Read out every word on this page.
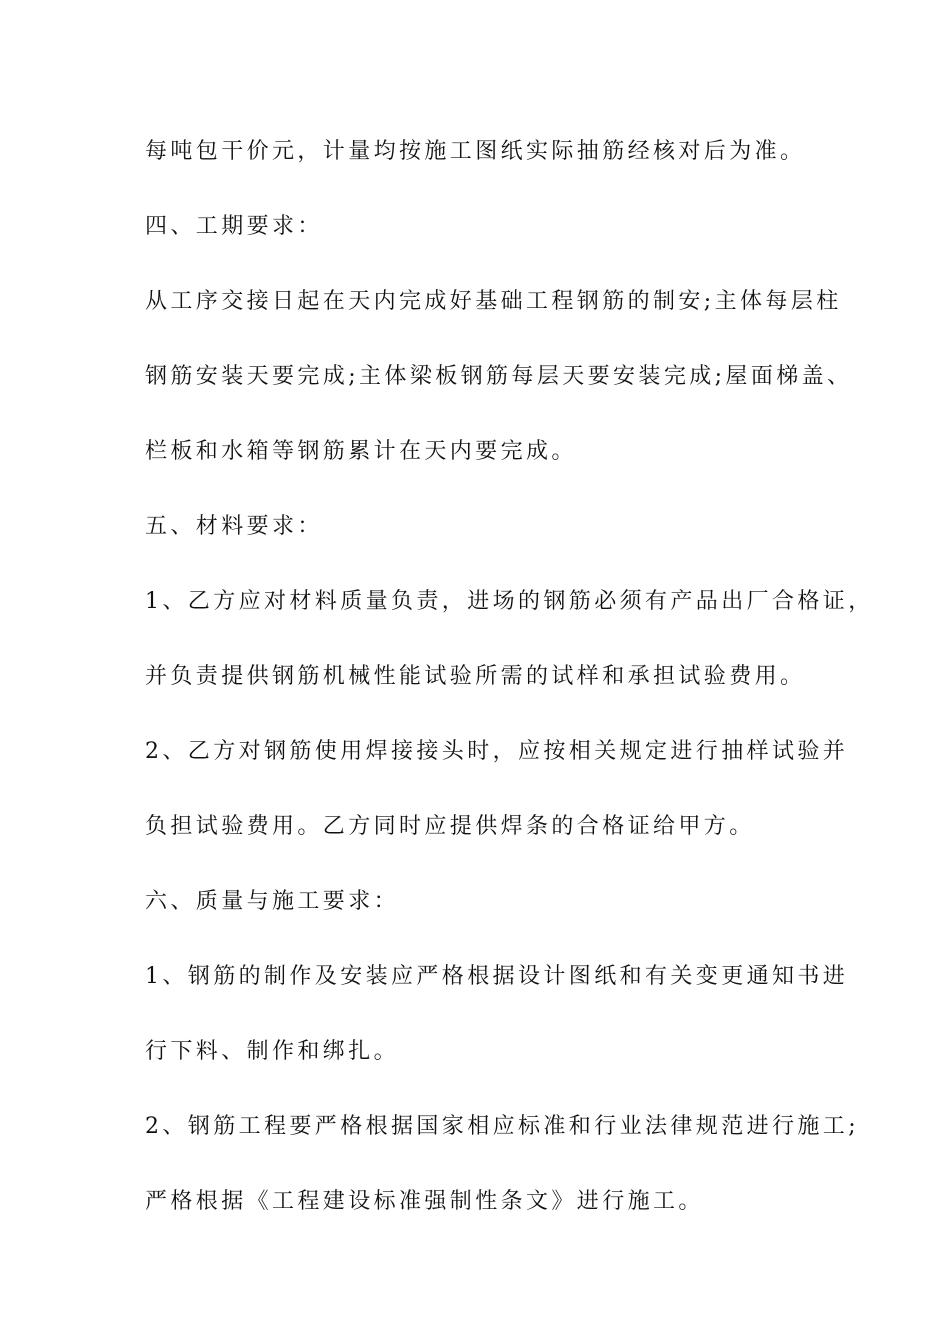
每吨包干价元，计量均按施工图纸实际抽筋经核对后为准。
四、工期要求：
从工序交接日起在天内完成好基础工程钢筋的制安;主体每层柱
钢筋安装天要完成;主体梁板钢筋每层天要安装完成;屋面梯盖、
栏板和水箱等钢筋累计在天内要完成。
五、材料要求：
1、乙方应对材料质量负责，进场的钢筋必须有产品出厂合格证，
并负责提供钢筋机械性能试验所需的试样和承担试验费用。
2、乙方对钢筋使用焊接接头时，应按相关规定进行抽样试验并
负担试验费用。乙方同时应提供焊条的合格证给甲方。
六、质量与施工要求：
1、钢筋的制作及安装应严格根据设计图纸和有关变更通知书进
行下料、制作和绑扎。
2、钢筋工程要严格根据国家相应标准和行业法律规范进行施工;
严格根据《工程建设标准强制性条文》进行施工。
